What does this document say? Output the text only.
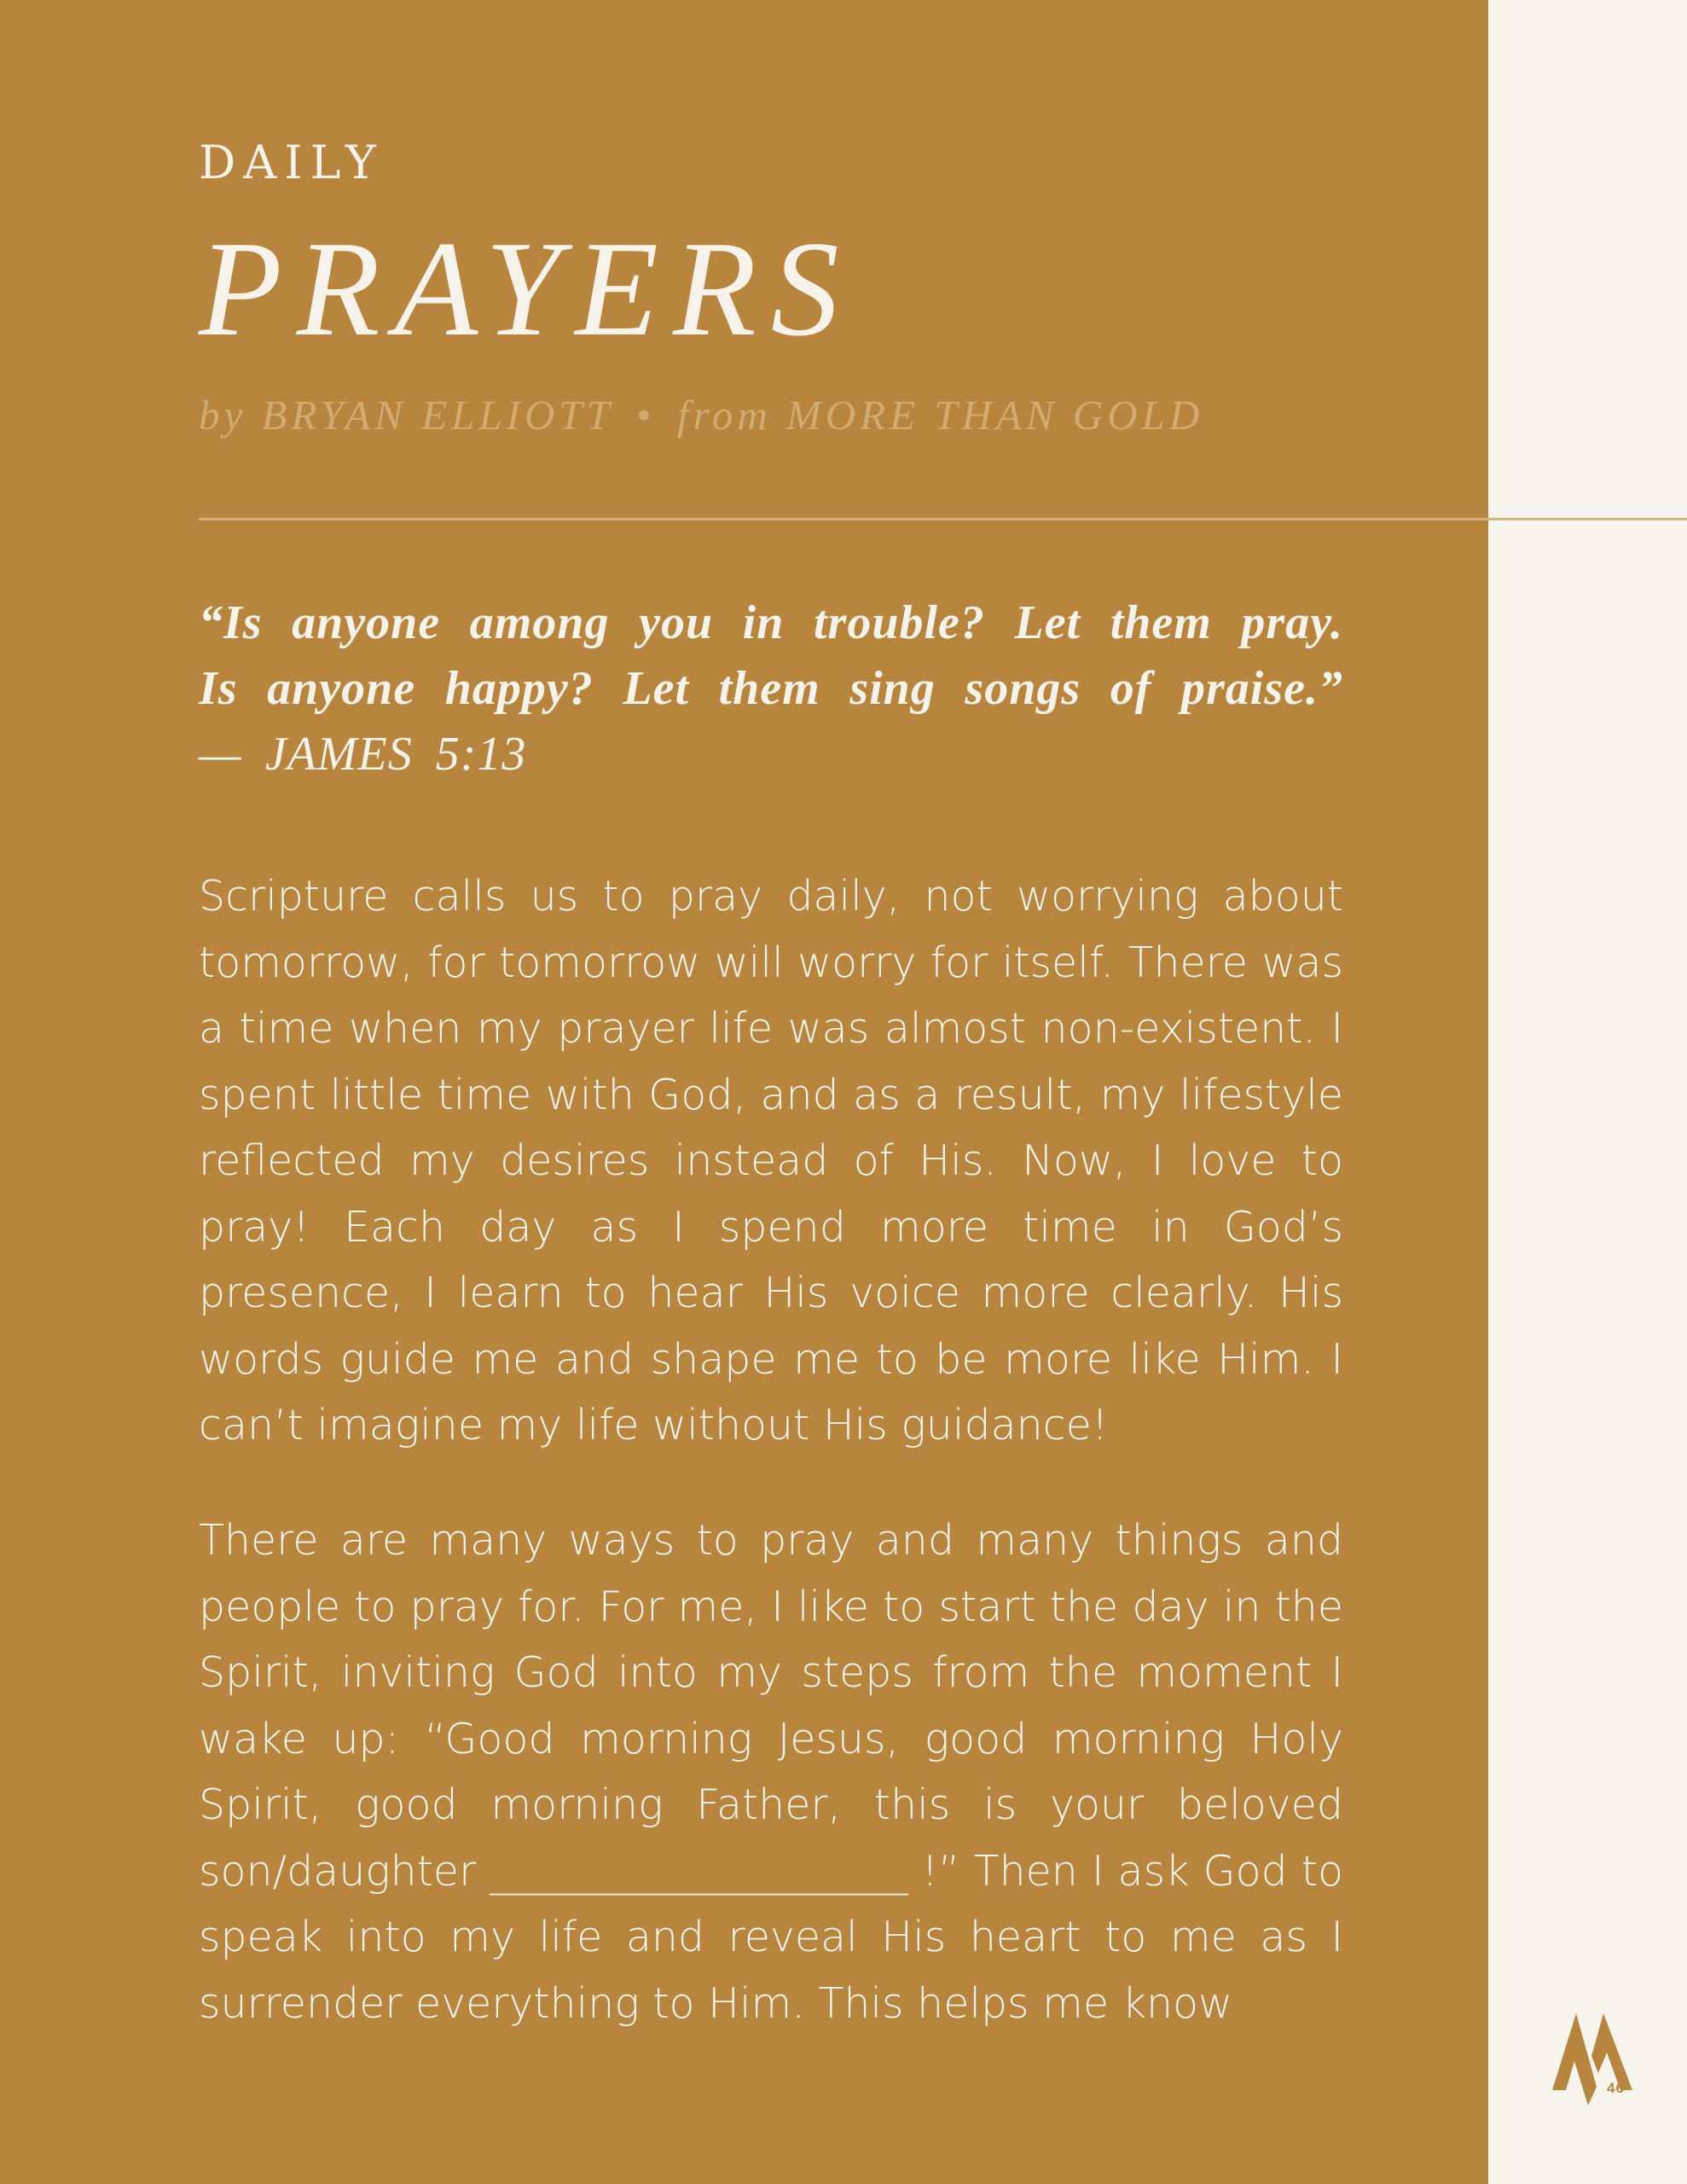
DAILY
PRAYERS
by BRYAN ELLIOTT • from MORE THAN GOLD
“Is anyone among you in trouble? Let them pray.
Is anyone happy? Let them sing songs of praise.”
— JAMES 5:13

Scripture calls us to pray daily, not worrying about tomorrow, for tomorrow will worry for itself. There was a time when my prayer life was almost non-existent. I spent little time with God, and as a result, my lifestyle reflected my desires instead of His. Now, I love to pray! Each day as I spend more time in God’s presence, I learn to hear His voice more clearly. His words guide me and shape me to be more like Him. I can’t imagine my life without His guidance!

There are many ways to pray and many things and people to pray for. For me, I like to start the day in the Spirit, inviting God into my steps from the moment I wake up: “Good morning Jesus, good morning Holy Spirit, good morning Father, this is your beloved son/daughter ____________________ !” Then I ask God to speak into my life and reveal His heart to me as I surrender everything to Him. This helps me know

46
